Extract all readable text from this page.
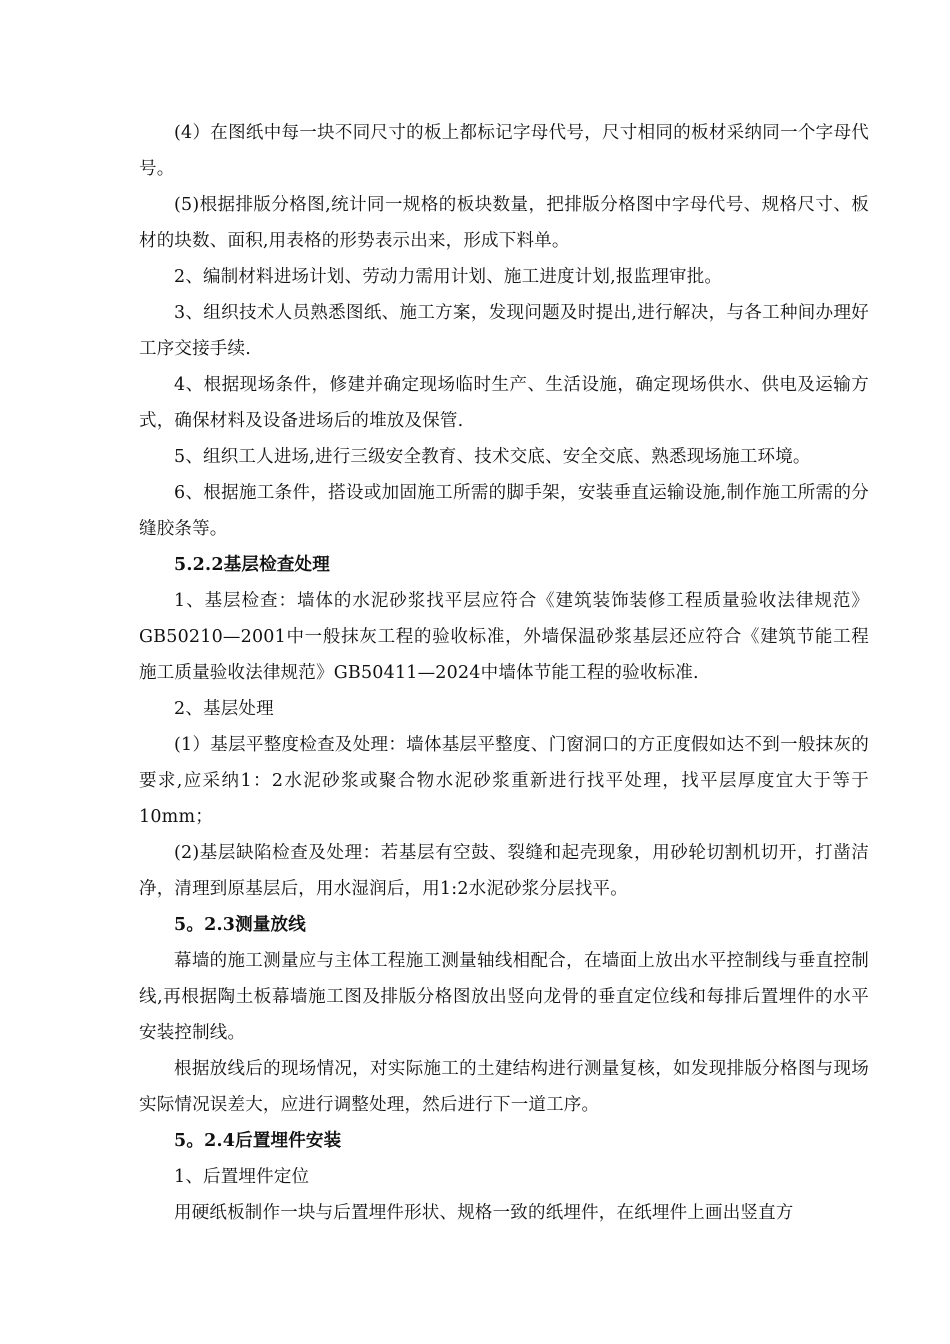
(4）在图纸中每一块不同尺寸的板上都标记字母代号，尺寸相同的板材采纳同一个字母代号。

(5)根据排版分格图,统计同一规格的板块数量，把排版分格图中字母代号、规格尺寸、板材的块数、面积,用表格的形势表示出来，形成下料单。

2、编制材料进场计划、劳动力需用计划、施工进度计划,报监理审批。

3、组织技术人员熟悉图纸、施工方案，发现问题及时提出,进行解决，与各工种间办理好工序交接手续.

4、根据现场条件，修建并确定现场临时生产、生活设施，确定现场供水、供电及运输方式，确保材料及设备进场后的堆放及保管.

5、组织工人进场,进行三级安全教育、技术交底、安全交底、熟悉现场施工环境。

6、根据施工条件，搭设或加固施工所需的脚手架，安装垂直运输设施,制作施工所需的分缝胶条等。

5.2.2基层检查处理

1、基层检查：墙体的水泥砂浆找平层应符合《建筑装饰装修工程质量验收法律规范》GB50210—2001中一般抹灰工程的验收标准，外墙保温砂浆基层还应符合《建筑节能工程施工质量验收法律规范》GB50411—2024中墙体节能工程的验收标准.

2、基层处理

(1）基层平整度检查及处理：墙体基层平整度、门窗洞口的方正度假如达不到一般抹灰的要求,应采纳1：2水泥砂浆或聚合物水泥砂浆重新进行找平处理，找平层厚度宜大于等于10mm；

(2)基层缺陷检查及处理：若基层有空鼓、裂缝和起壳现象，用砂轮切割机切开，打凿洁净，清理到原基层后，用水湿润后，用1:2水泥砂浆分层找平。

5。2.3测量放线

幕墙的施工测量应与主体工程施工测量轴线相配合，在墙面上放出水平控制线与垂直控制线,再根据陶土板幕墙施工图及排版分格图放出竖向龙骨的垂直定位线和每排后置埋件的水平安装控制线。

根据放线后的现场情况，对实际施工的土建结构进行测量复核，如发现排版分格图与现场实际情况误差大，应进行调整处理，然后进行下一道工序。

5。2.4后置埋件安装

1、后置埋件定位

用硬纸板制作一块与后置埋件形状、规格一致的纸埋件，在纸埋件上画出竖直方
